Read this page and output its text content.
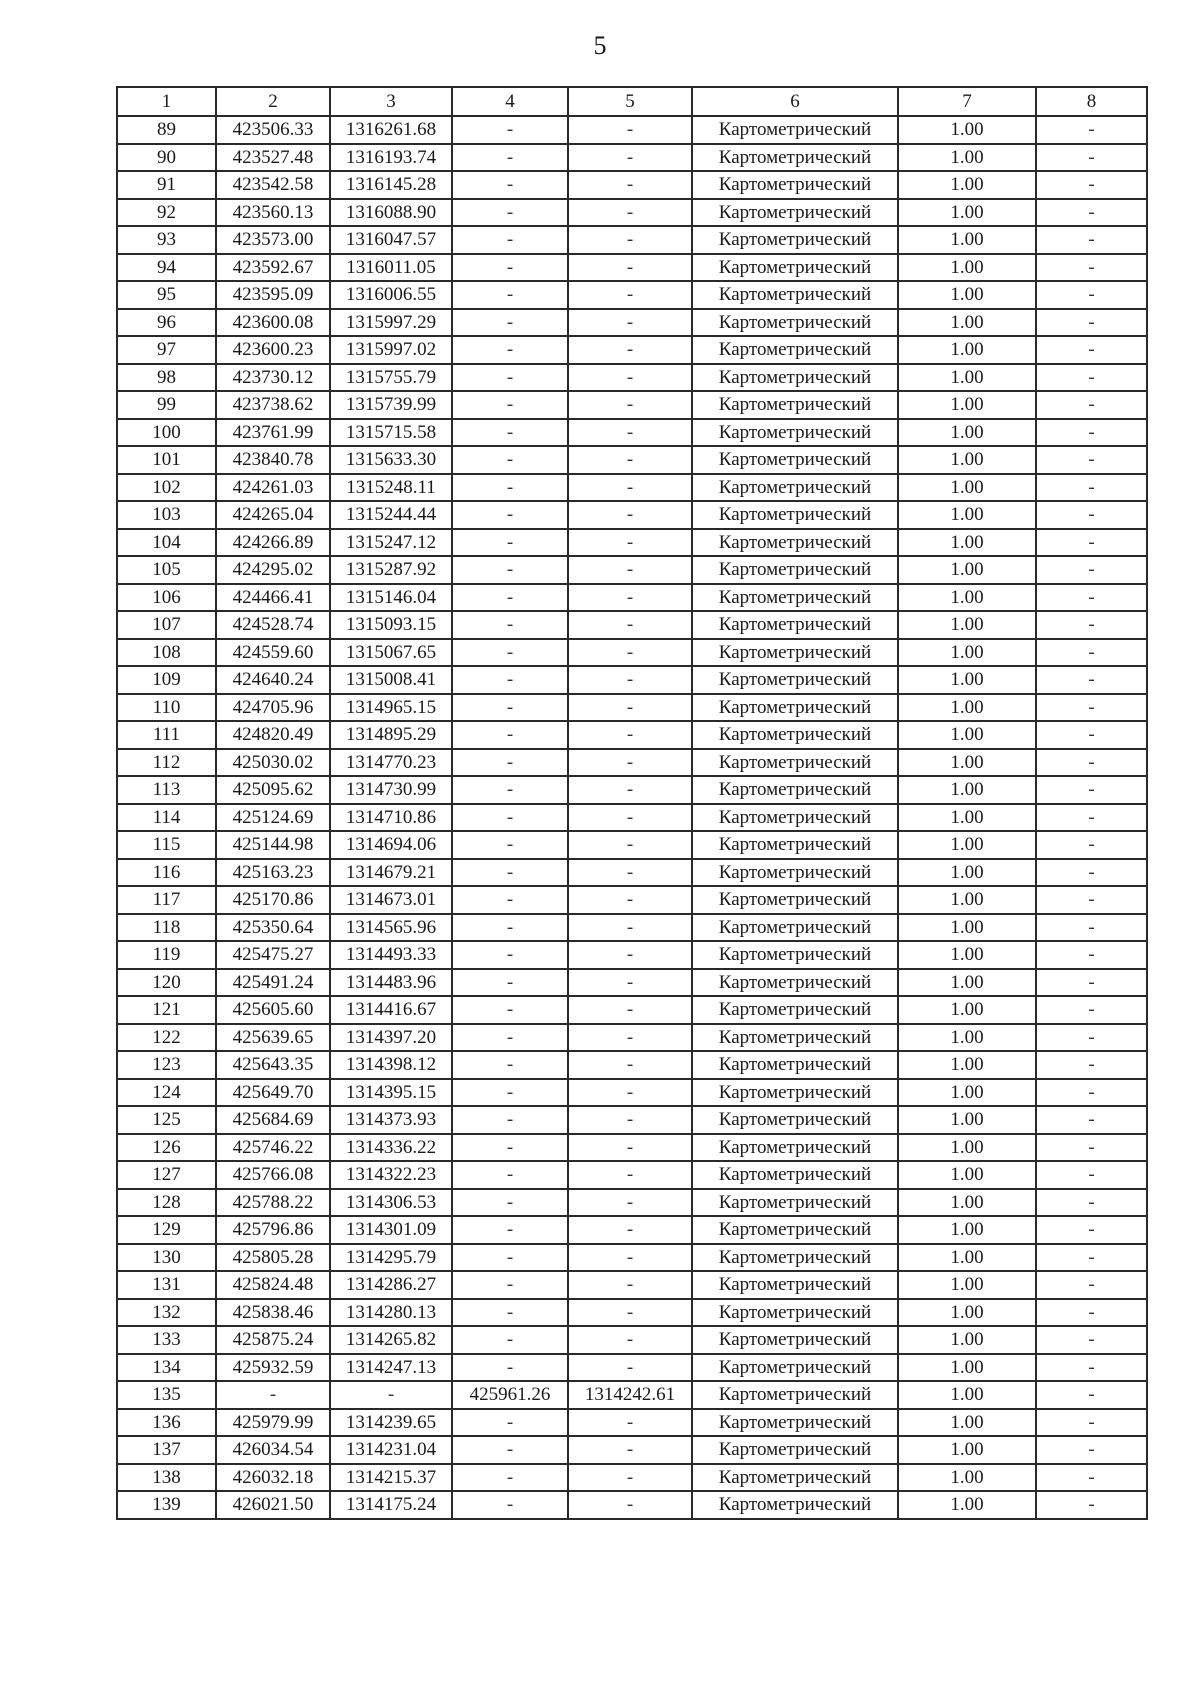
5
1	2	3	4	5	6	7	8
89	423506.33	1316261.68	-	-	Картометрический	1.00	-
90	423527.48	1316193.74	-	-	Картометрический	1.00	-
91	423542.58	1316145.28	-	-	Картометрический	1.00	-
92	423560.13	1316088.90	-	-	Картометрический	1.00	-
93	423573.00	1316047.57	-	-	Картометрический	1.00	-
94	423592.67	1316011.05	-	-	Картометрический	1.00	-
95	423595.09	1316006.55	-	-	Картометрический	1.00	-
96	423600.08	1315997.29	-	-	Картометрический	1.00	-
97	423600.23	1315997.02	-	-	Картометрический	1.00	-
98	423730.12	1315755.79	-	-	Картометрический	1.00	-
99	423738.62	1315739.99	-	-	Картометрический	1.00	-
100	423761.99	1315715.58	-	-	Картометрический	1.00	-
101	423840.78	1315633.30	-	-	Картометрический	1.00	-
102	424261.03	1315248.11	-	-	Картометрический	1.00	-
103	424265.04	1315244.44	-	-	Картометрический	1.00	-
104	424266.89	1315247.12	-	-	Картометрический	1.00	-
105	424295.02	1315287.92	-	-	Картометрический	1.00	-
106	424466.41	1315146.04	-	-	Картометрический	1.00	-
107	424528.74	1315093.15	-	-	Картометрический	1.00	-
108	424559.60	1315067.65	-	-	Картометрический	1.00	-
109	424640.24	1315008.41	-	-	Картометрический	1.00	-
110	424705.96	1314965.15	-	-	Картометрический	1.00	-
111	424820.49	1314895.29	-	-	Картометрический	1.00	-
112	425030.02	1314770.23	-	-	Картометрический	1.00	-
113	425095.62	1314730.99	-	-	Картометрический	1.00	-
114	425124.69	1314710.86	-	-	Картометрический	1.00	-
115	425144.98	1314694.06	-	-	Картометрический	1.00	-
116	425163.23	1314679.21	-	-	Картометрический	1.00	-
117	425170.86	1314673.01	-	-	Картометрический	1.00	-
118	425350.64	1314565.96	-	-	Картометрический	1.00	-
119	425475.27	1314493.33	-	-	Картометрический	1.00	-
120	425491.24	1314483.96	-	-	Картометрический	1.00	-
121	425605.60	1314416.67	-	-	Картометрический	1.00	-
122	425639.65	1314397.20	-	-	Картометрический	1.00	-
123	425643.35	1314398.12	-	-	Картометрический	1.00	-
124	425649.70	1314395.15	-	-	Картометрический	1.00	-
125	425684.69	1314373.93	-	-	Картометрический	1.00	-
126	425746.22	1314336.22	-	-	Картометрический	1.00	-
127	425766.08	1314322.23	-	-	Картометрический	1.00	-
128	425788.22	1314306.53	-	-	Картометрический	1.00	-
129	425796.86	1314301.09	-	-	Картометрический	1.00	-
130	425805.28	1314295.79	-	-	Картометрический	1.00	-
131	425824.48	1314286.27	-	-	Картометрический	1.00	-
132	425838.46	1314280.13	-	-	Картометрический	1.00	-
133	425875.24	1314265.82	-	-	Картометрический	1.00	-
134	425932.59	1314247.13	-	-	Картометрический	1.00	-
135	-	-	425961.26	1314242.61	Картометрический	1.00	-
136	425979.99	1314239.65	-	-	Картометрический	1.00	-
137	426034.54	1314231.04	-	-	Картометрический	1.00	-
138	426032.18	1314215.37	-	-	Картометрический	1.00	-
139	426021.50	1314175.24	-	-	Картометрический	1.00	-
